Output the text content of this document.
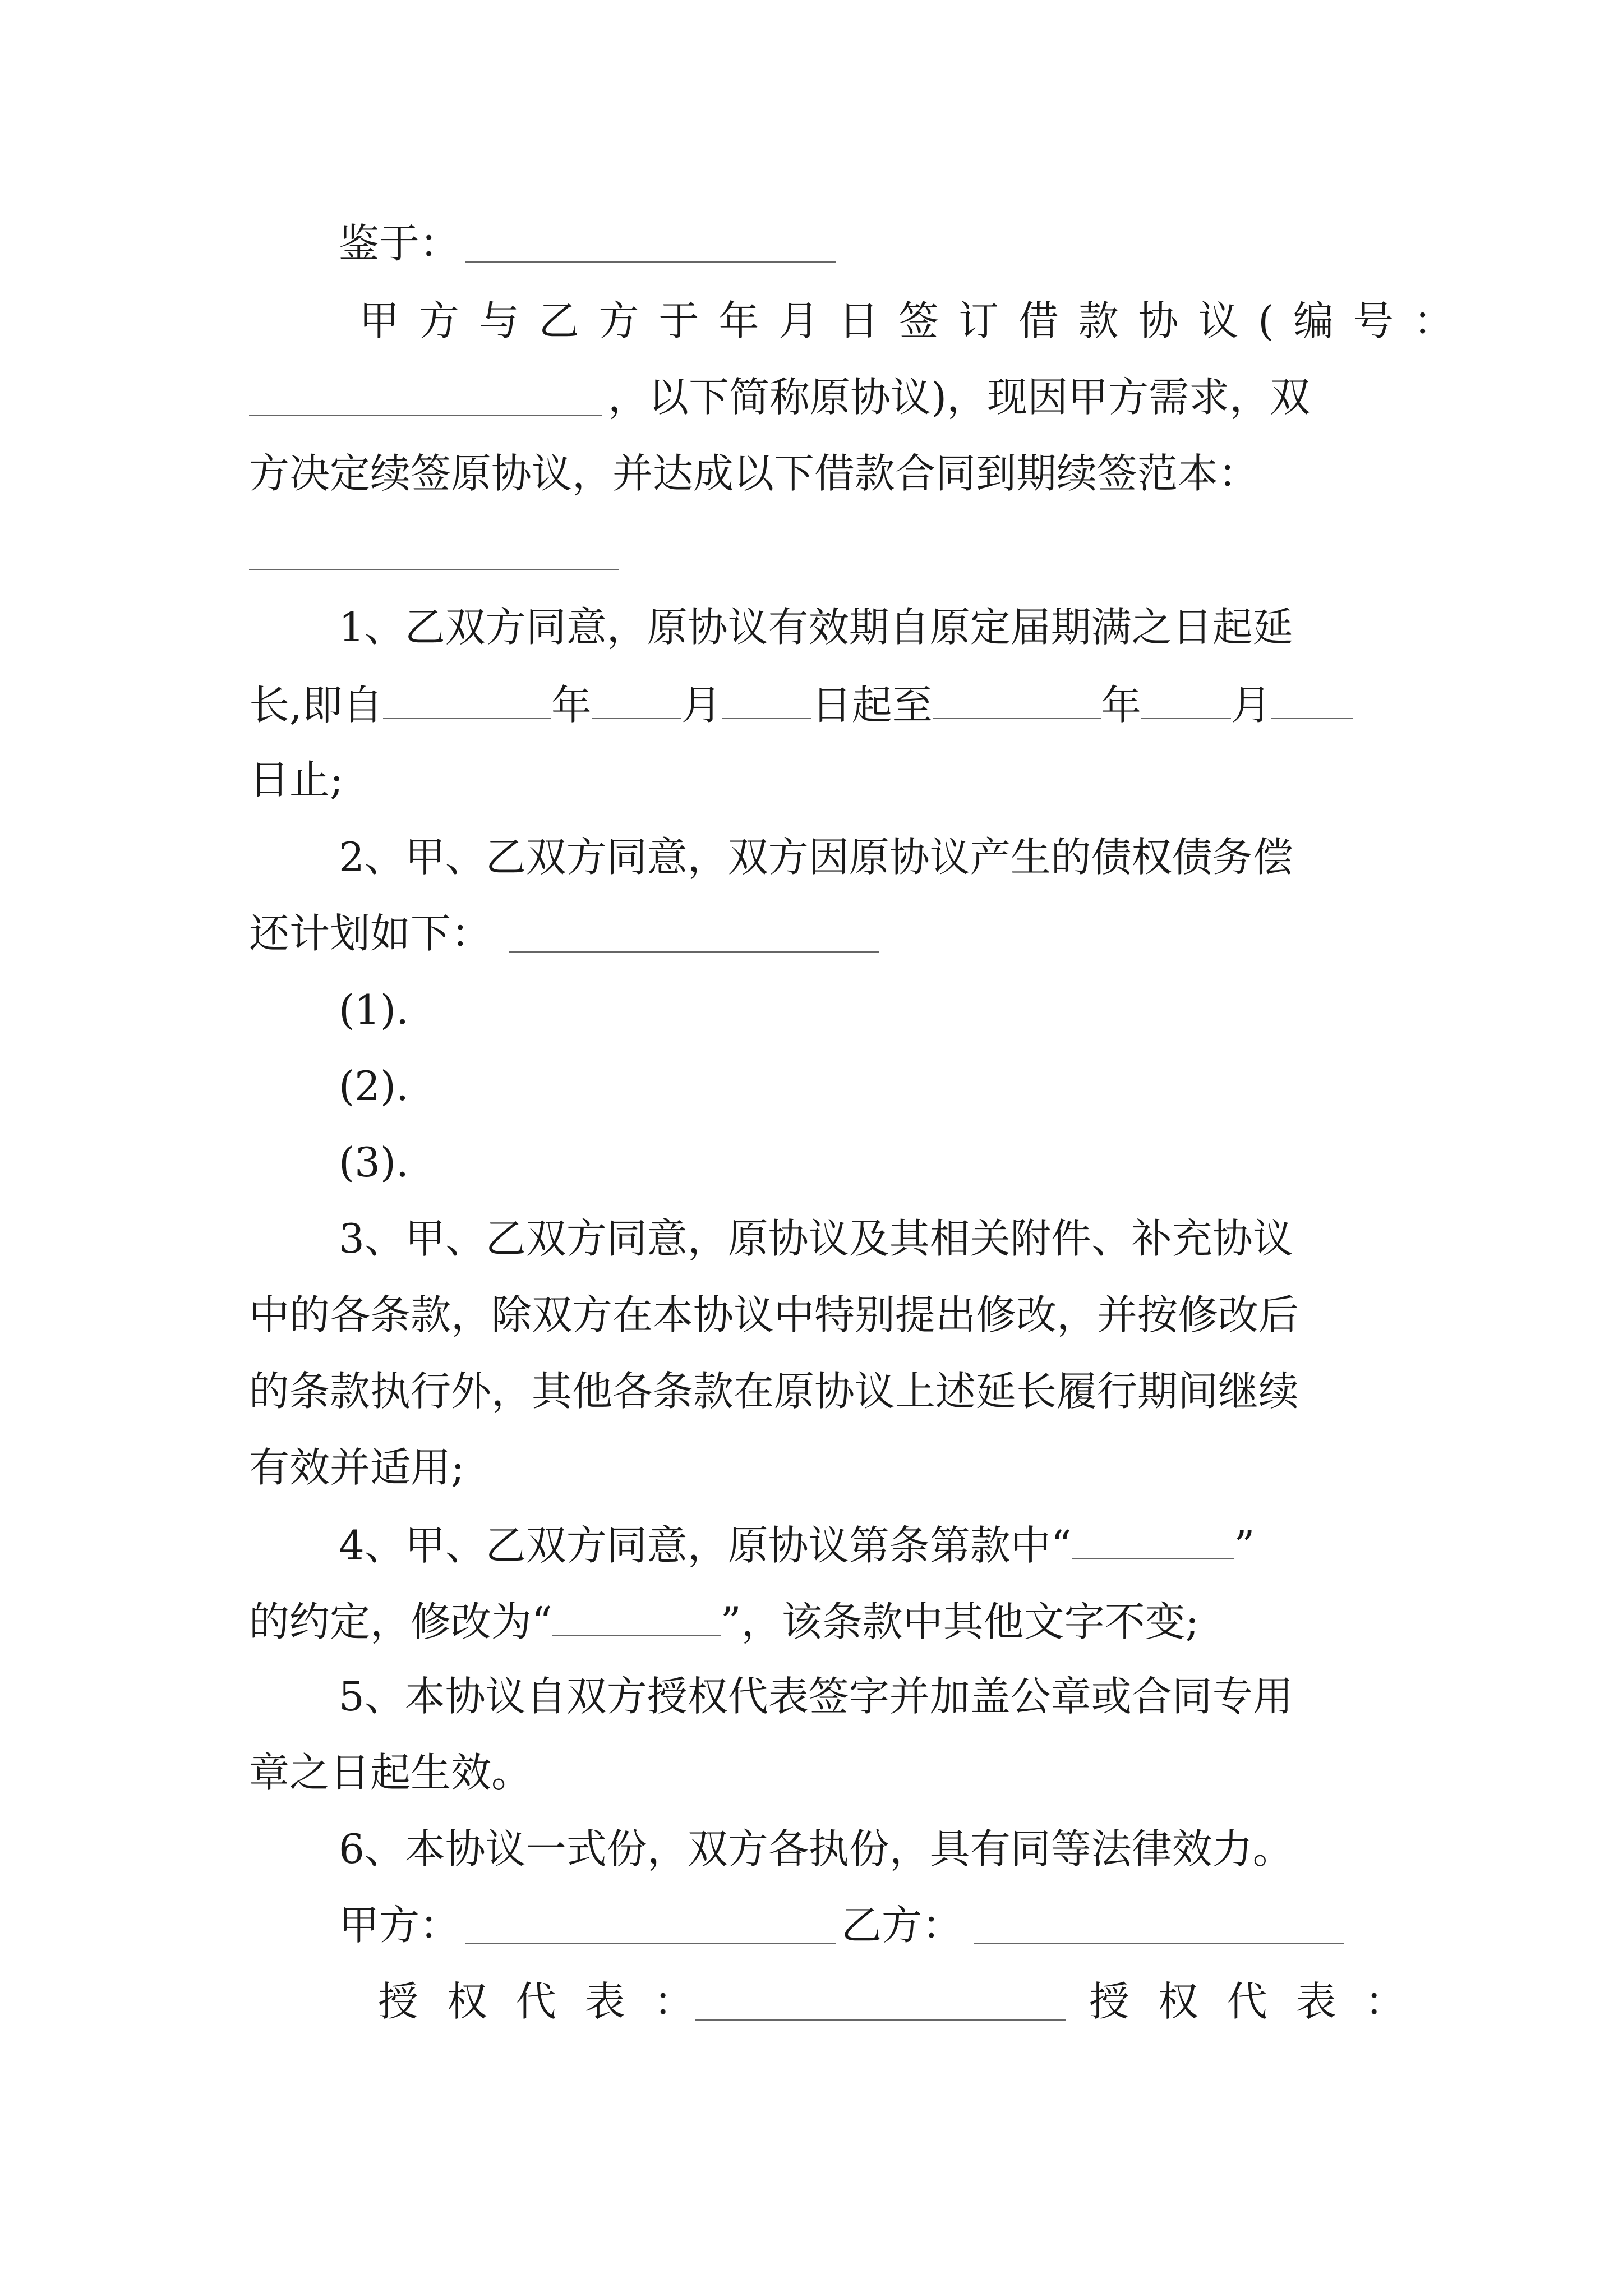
鉴于：
甲 方 与 乙 方 于 年 月 日 签 订 借 款 协 议 ( 编 号 ：
，以下简称原协议)，现因甲方需求，双
方决定续签原协议，并达成以下借款合同到期续签范本：
1、乙双方同意，原协议有效期自原定届期满之日起延
长,即自	年 月 日起至	年 月
日止;
2、甲、乙双方同意，双方因原协议产生的债权债务偿
还计划如下：
(1).
(2).
(3).
3、甲、乙双方同意，原协议及其相关附件、补充协议
中的各条款，除双方在本协议中特别提出修改，并按修改后
的条款执行外，其他各条款在原协议上述延长履行期间继续
有效并适用;
4、甲、乙双方同意，原协议第条第款中“	”
的约定，修改为“	”，该条款中其他文字不变;
5、本协议自双方授权代表签字并加盖公章或合同专用
章之日起生效。
6、本协议一式份，双方各执份，具有同等法律效力。
甲方：	乙方：
授 权 代 表 ：	授 权 代 表 ：
